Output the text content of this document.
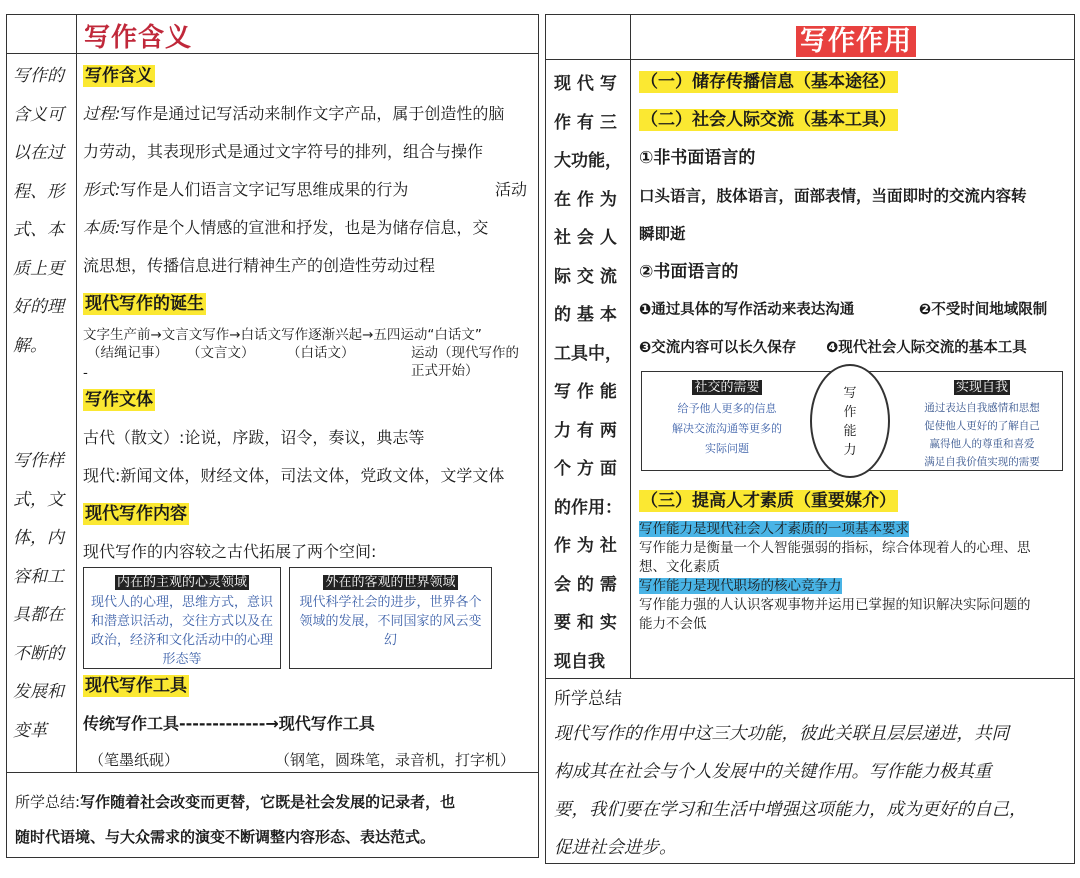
写作含义
写作的
含义可
以在过
程、形
式、本
质上更
好的理
解。

写作样
式，文
体，内
容和工
具都在
不断的
发展和
变革
写作含义
过程:写作是通过记写活动来制作文字产品，属于创造性的脑
力劳动，其表现形式是通过文字符号的排列，组合与操作
形式:写作是人们语言文字记写思维成果的行为	活动
本质:写作是个人情感的宣泄和抒发，也是为储存信息，交
流思想，传播信息进行精神生产的创造性劳动过程
现代写作的诞生
文字生产前→文言文写作→白话文写作逐渐兴起→五四运动“白话文”
（结绳记事） （文言文） （白话文）	运动（现代写作的
正式开始）
-
写作文体
古代（散文）:论说，序跋，诏令，奏议，典志等
现代:新闻文体，财经文体，司法文体，党政文体，文学文体
现代写作内容
现代写作的内容较之古代拓展了两个空间:
内在的主观的心灵领域
现代人的心理，思维方式，意识
和潜意识活动，交往方式以及在
政治，经济和文化活动中的心理
形态等
外在的客观的世界领域
现代科学社会的进步，世界各个
领域的发展，不同国家的风云变
幻
现代写作工具
传统写作工具-------------→现代写作工具
（笔墨纸砚）	（钢笔，圆珠笔，录音机，打字机）
所学总结:写作随着社会改变而更替，它既是社会发展的记录者，也
随时代语境、与大众需求的演变不断调整内容形态、表达范式。
写作作用
现 代 写
作 有 三
大功能，
在 作 为
社 会 人
际 交 流
的 基 本
工具中，
写 作 能
力 有 两
个 方 面
的作用：
作 为 社
会 的 需
要 和 实
现自我
（一）储存传播信息（基本途径）
（二）社会人际交流（基本工具）
①非书面语言的
口头语言，肢体语言，面部表情，当面即时的交流内容转
瞬即逝
②书面语言的
❶通过具体的写作活动来表达沟通	❷不受时间地域限制
❸交流内容可以长久保存 ❹现代社会人际交流的基本工具
社交的需要
给予他人更多的信息
解决交流沟通等更多的
实际问题
写
作
能
力
实现自我
通过表达自我感情和思想
促使他人更好的了解自己
赢得他人的尊重和喜爱
满足自我价值实现的需要
（三）提高人才素质（重要媒介）
写作能力是现代社会人才素质的一项基本要求
写作能力是衡量一个人智能强弱的指标，综合体现着人的心理、思
想、文化素质
写作能力是现代职场的核心竞争力
写作能力强的人认识客观事物并运用已掌握的知识解决实际问题的
能力不会低
所学总结
现代写作的作用中这三大功能，彼此关联且层层递进，共同
构成其在社会与个人发展中的关键作用。写作能力极其重
要，我们要在学习和生活中增强这项能力，成为更好的自己，
促进社会进步。
